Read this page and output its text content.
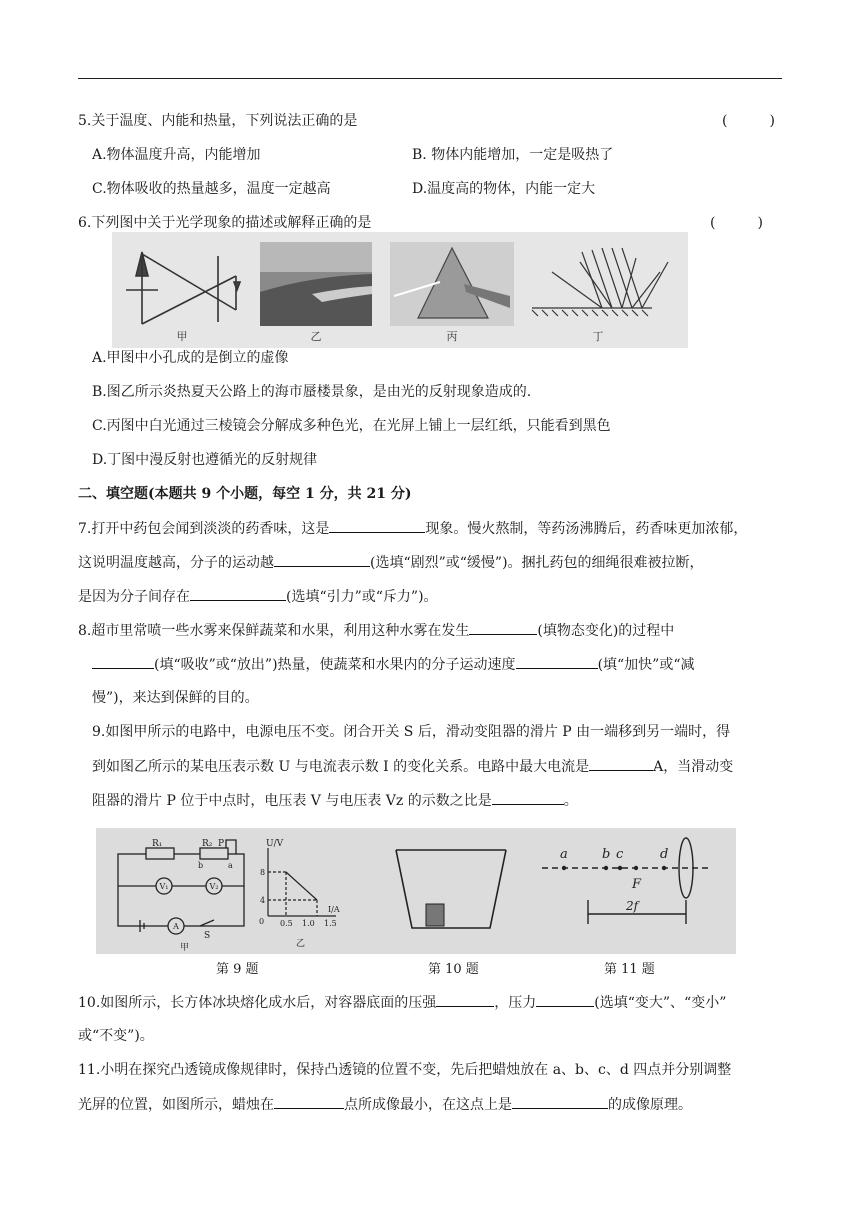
5.关于温度、内能和热量，下列说法正确的是	(　　　)
A.物体温度升高，内能增加	B. 物体内能增加，一定是吸热了
C.物体吸收的热量越多，温度一定越高	D.温度高的物体，内能一定大
6.下列图中关于光学现象的描述或解释正确的是	(　　　)
甲	乙	丙	丁
A.甲图中小孔成的是倒立的虚像
B.图乙所示炎热夏天公路上的海市蜃楼景象，是由光的反射现象造成的.
C.丙图中白光通过三棱镜会分解成多种色光，在光屏上铺上一层红纸，只能看到黑色
D.丁图中漫反射也遵循光的反射规律
二、填空题(本题共 9 个小题，每空 1 分，共 21 分)
7.打开中药包会闻到淡淡的药香味，这是	现象。慢火熬制，等药汤沸腾后，药香味更加浓郁，
这说明温度越高，分子的运动越	(选填“剧烈”或“缓慢”)。捆扎药包的细绳很难被拉断，
是因为分子间存在	(选填“引力”或“斥力”)。
8.超市里常喷一些水雾来保鲜蔬菜和水果，利用这种水雾在发生	(填物态变化)的过程中
(填“吸收”或“放出”)热量，使蔬菜和水果内的分子运动速度	(填“加快”或“减
慢”)，来达到保鲜的目的。
9.如图甲所示的电路中，电源电压不变。闭合开关 S 后，滑动变阻器的滑片 P 由一端移到另一端时，得
到如图乙所示的某电压表示数 U 与电流表示数 I 的变化关系。电路中最大电流是	A，当滑动变
阻器的滑片 P 位于中点时，电压表 V 与电压表 Vz 的示数之比是	。
R₁	R₂ P
b	a
V₁	V₂
A
S
甲
U/V
I/A
8
4
0 0.5 1.0 1.5
乙
a	b c	d
F
2f
第 9 题	第 10 题	第 11 题
10.如图所示，长方体冰块熔化成水后，对容器底面的压强	，压力	(选填“变大”、“变小”
或“不变”)。
11.小明在探究凸透镜成像规律时，保持凸透镜的位置不变，先后把蜡烛放在 a、b、c、d 四点并分别调整
光屏的位置，如图所示，蜡烛在	点所成像最小，在这点上是	的成像原理。
